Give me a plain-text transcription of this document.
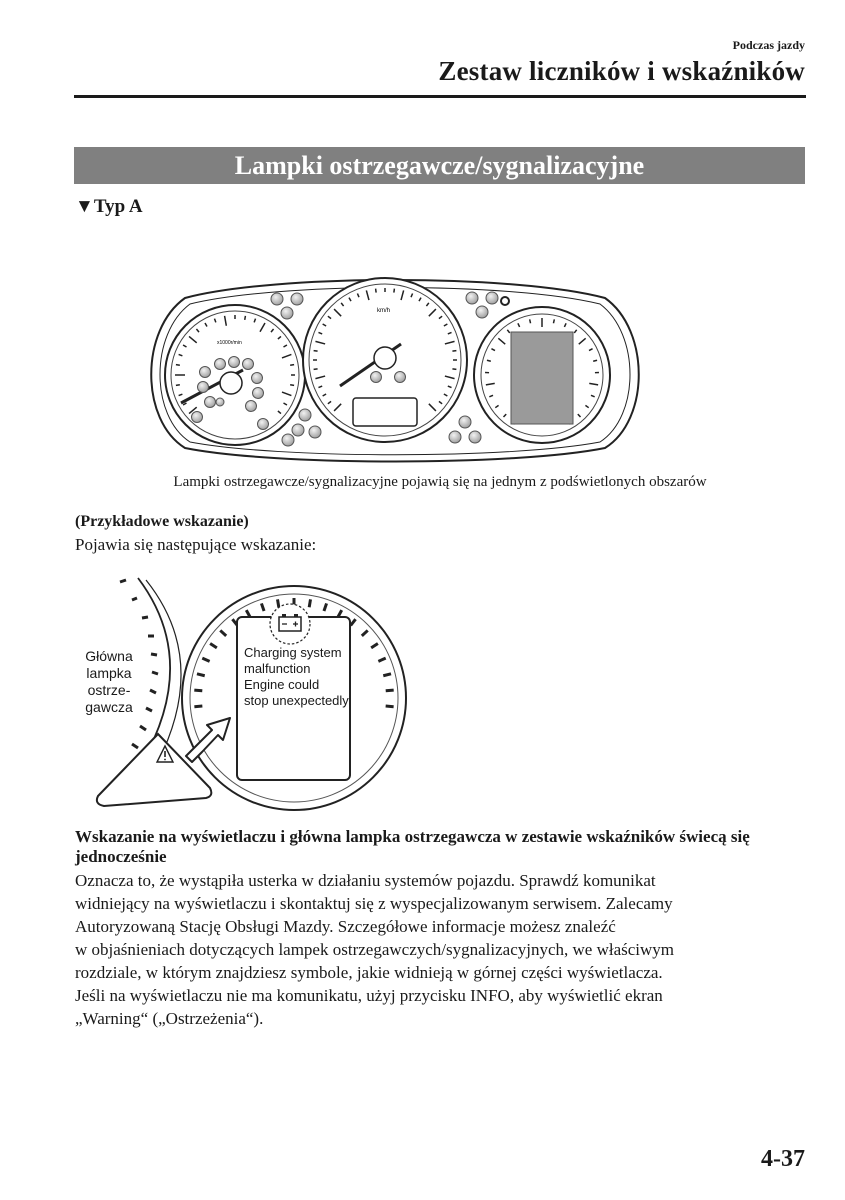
Podczas jazdy
Zestaw liczników i wskaźników
Lampki ostrzegawcze/sygnalizacyjne
▼Typ A
x1000r/min
km/h
Lampki ostrzegawcze/sygnalizacyjne pojawią się na jednym z podświetlonych obszarów
(Przykładowe wskazanie)
Pojawia się następujące wskazanie:
Główna
lampka
ostrze-
gawcza
Charging system
malfunction
Engine could
stop unexpectedly
Wskazanie na wyświetlaczu i główna lampka ostrzegawcza w zestawie wskaźników świecą się jednocześnie
Oznacza to, że wystąpiła usterka w działaniu systemów pojazdu. Sprawdź komunikat
widniejący na wyświetlaczu i skontaktuj się z wyspecjalizowanym serwisem. Zalecamy
Autoryzowaną Stację Obsługi Mazdy. Szczegółowe informacje możesz znaleźć
w objaśnieniach dotyczących lampek ostrzegawczych/sygnalizacyjnych, we właściwym
rozdziale, w którym znajdziesz symbole, jakie widnieją w górnej części wyświetlacza.
Jeśli na wyświetlaczu nie ma komunikatu, użyj przycisku INFO, aby wyświetlić ekran
„Warning“ („Ostrzeżenia“).
4-37
